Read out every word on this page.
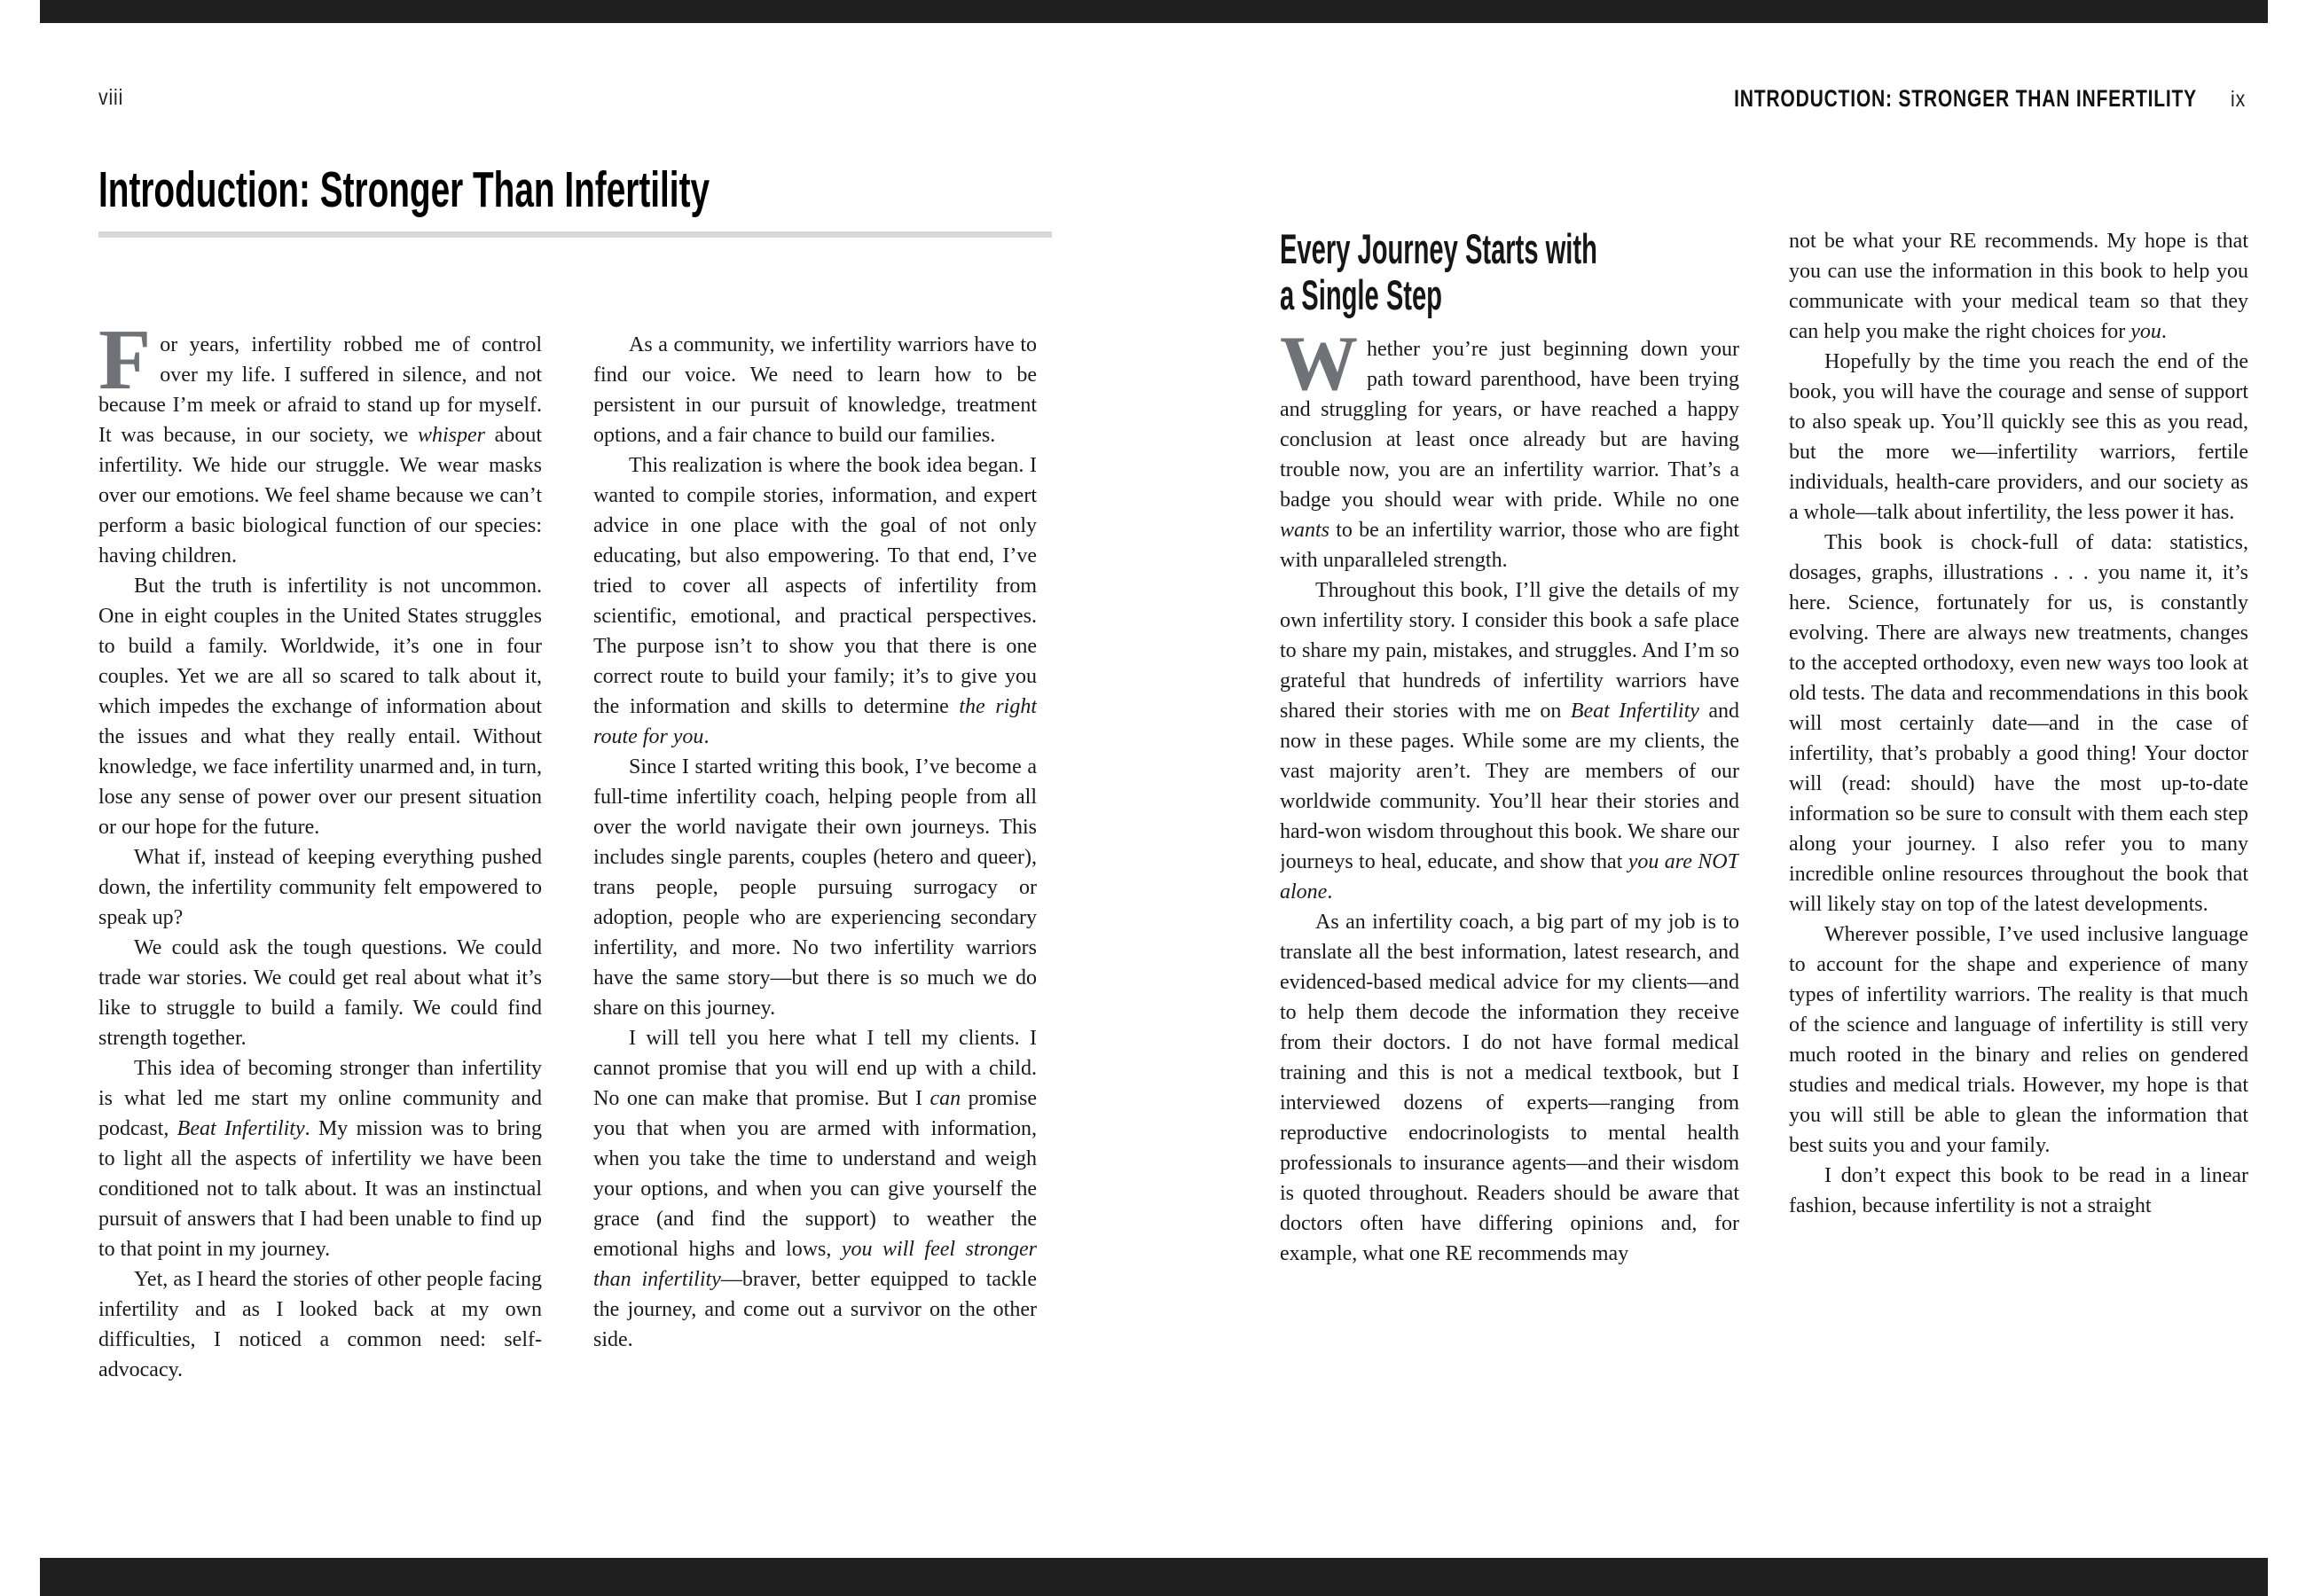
viii
Introduction: Stronger Than Infertility

For years, infertility robbed me of control over my life. I suffered in silence, and not because I’m meek or afraid to stand up for myself. It was because, in our society, we whisper about infertility. We hide our struggle. We wear masks over our emotions. We feel shame because we can’t perform a basic biological function of our species: having children.

But the truth is infertility is not uncommon. One in eight couples in the United States struggles to build a family. Worldwide, it’s one in four couples. Yet we are all so scared to talk about it, which impedes the exchange of information about the issues and what they really entail. Without knowledge, we face infertility unarmed and, in turn, lose any sense of power over our present situation or our hope for the future.

What if, instead of keeping everything pushed down, the infertility community felt empowered to speak up?

We could ask the tough questions. We could trade war stories. We could get real about what it’s like to struggle to build a family. We could find strength together.

This idea of becoming stronger than infertility is what led me start my online community and podcast, Beat Infertility. My mission was to bring to light all the aspects of infertility we have been conditioned not to talk about. It was an instinctual pursuit of answers that I had been unable to find up to that point in my journey.

Yet, as I heard the stories of other people facing infertility and as I looked back at my own difficulties, I noticed a common need: self-advocacy.

As a community, we infertility warriors have to find our voice. We need to learn how to be persistent in our pursuit of knowledge, treatment options, and a fair chance to build our families.

This realization is where the book idea began. I wanted to compile stories, information, and expert advice in one place with the goal of not only educating, but also empowering. To that end, I’ve tried to cover all aspects of infertility from scientific, emotional, and practical perspectives. The purpose isn’t to show you that there is one correct route to build your family; it’s to give you the information and skills to determine the right route for you.

Since I started writing this book, I’ve become a full-time infertility coach, helping people from all over the world navigate their own journeys. This includes single parents, couples (hetero and queer), trans people, people pursuing surrogacy or adoption, people who are experiencing secondary infertility, and more. No two infertility warriors have the same story—but there is so much we do share on this journey.

I will tell you here what I tell my clients. I cannot promise that you will end up with a child. No one can make that promise. But I can promise you that when you are armed with information, when you take the time to understand and weigh your options, and when you can give yourself the grace (and find the support) to weather the emotional highs and lows, you will feel stronger than infertility—braver, better equipped to tackle the journey, and come out a survivor on the other side.

INTRODUCTION: STRONGER THAN INFERTILITY ix
Every Journey Starts with
a Single Step

Whether you’re just beginning down your path toward parenthood, have been trying and struggling for years, or have reached a happy conclusion at least once already but are having trouble now, you are an infertility warrior. That’s a badge you should wear with pride. While no one wants to be an infertility warrior, those who are fight with unparalleled strength.

Throughout this book, I’ll give the details of my own infertility story. I consider this book a safe place to share my pain, mistakes, and struggles. And I’m so grateful that hundreds of infertility warriors have shared their stories with me on Beat Infertility and now in these pages. While some are my clients, the vast majority aren’t. They are members of our worldwide community. You’ll hear their stories and hard-won wisdom throughout this book. We share our journeys to heal, educate, and show that you are NOT alone.

As an infertility coach, a big part of my job is to translate all the best information, latest research, and evidenced-based medical advice for my clients—and to help them decode the information they receive from their doctors. I do not have formal medical training and this is not a medical textbook, but I interviewed dozens of experts—ranging from reproductive endocrinologists to mental health professionals to insurance agents—and their wisdom is quoted throughout. Readers should be aware that doctors often have differing opinions and, for example, what one RE recommends may

not be what your RE recommends. My hope is that you can use the information in this book to help you communicate with your medical team so that they can help you make the right choices for you.

Hopefully by the time you reach the end of the book, you will have the courage and sense of support to also speak up. You’ll quickly see this as you read, but the more we—infertility warriors, fertile individuals, health-care providers, and our society as a whole—talk about infertility, the less power it has.

This book is chock-full of data: statistics, dosages, graphs, illustrations . . . you name it, it’s here. Science, fortunately for us, is constantly evolving. There are always new treatments, changes to the accepted orthodoxy, even new ways too look at old tests. The data and recommendations in this book will most certainly date—and in the case of infertility, that’s probably a good thing! Your doctor will (read: should) have the most up-to-date information so be sure to consult with them each step along your journey. I also refer you to many incredible online resources throughout the book that will likely stay on top of the latest developments.

Wherever possible, I’ve used inclusive language to account for the shape and experience of many types of infertility warriors. The reality is that much of the science and language of infertility is still very much rooted in the binary and relies on gendered studies and medical trials. However, my hope is that you will still be able to glean the information that best suits you and your family.

I don’t expect this book to be read in a linear fashion, because infertility is not a straight
